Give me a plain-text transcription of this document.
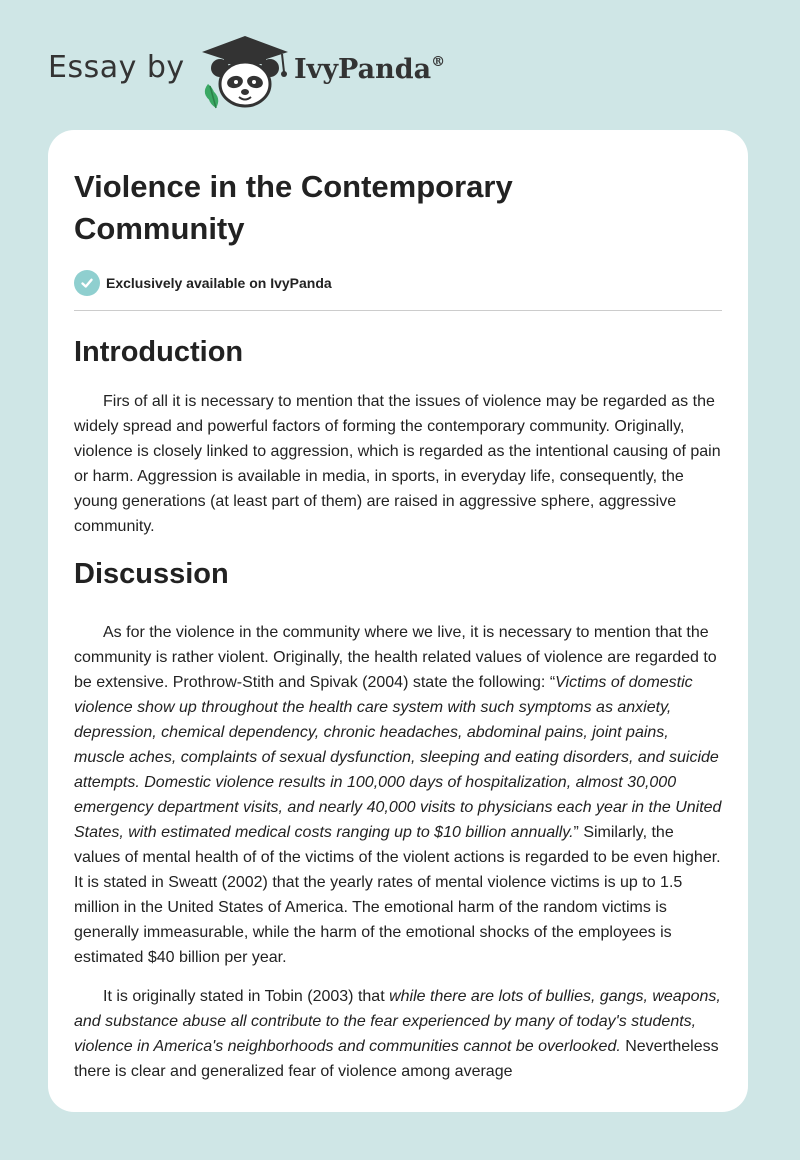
Essay by	IvyPanda®
Violence in the Contemporary Community
Exclusively available on IvyPanda
Introduction

Firs of all it is necessary to mention that the issues of violence may be regarded as the widely spread and powerful factors of forming the contemporary community. Originally, violence is closely linked to aggression, which is regarded as the intentional causing of pain or harm. Aggression is available in media, in sports, in everyday life, consequently, the young generations (at least part of them) are raised in aggressive sphere, aggressive community.

Discussion

As for the violence in the community where we live, it is necessary to mention that the community is rather violent. Originally, the health related values of violence are regarded to be extensive. Prothrow-Stith and Spivak (2004) state the following: “Victims of domestic violence show up throughout the health care system with such symptoms as anxiety, depression, chemical dependency, chronic headaches, abdominal pains, joint pains, muscle aches, complaints of sexual dysfunction, sleeping and eating disorders, and suicide attempts. Domestic violence results in 100,000 days of hospitalization, almost 30,000 emergency department visits, and nearly 40,000 visits to physicians each year in the United States, with estimated medical costs ranging up to $10 billion annually.” Similarly, the values of mental health of of the victims of the violent actions is regarded to be even higher. It is stated in Sweatt (2002) that the yearly rates of mental violence victims is up to 1.5 million in the United States of America. The emotional harm of the random victims is generally immeasurable, while the harm of the emotional shocks of the employees is estimated $40 billion per year.

It is originally stated in Tobin (2003) that while there are lots of bullies, gangs, weapons, and substance abuse all contribute to the fear experienced by many of today's students, violence in America's neighborhoods and communities cannot be overlooked. Nevertheless there is clear and generalized fear of violence among average
